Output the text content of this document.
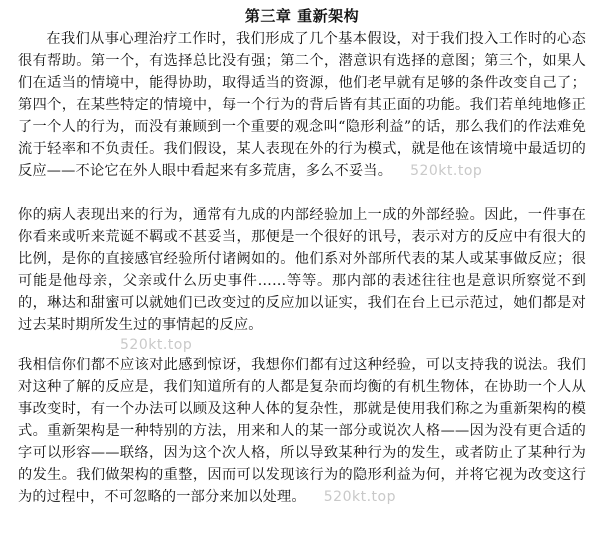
第三章 重新架构

在我们从事心理治疗工作时，我们形成了几个基本假设，对于我们投入工作时的心态很有帮助。第一个，有选择总比没有强；第二个，潜意识有选择的意图；第三个，如果人们在适当的情境中，能得协助，取得适当的资源，他们老早就有足够的条件改变自己了；第四个，在某些特定的情境中，每一个行为的背后皆有其正面的功能。我们若单纯地修正了一个人的行为，而没有兼顾到一个重要的观念叫“隐形利益”的话，那么我们的作法难免流于轻率和不负责任。我们假设，某人表现在外的行为模式，就是他在该情境中最适切的反应——不论它在外人眼中看起来有多荒唐，多么不妥当。 520kt.top

你的病人表现出来的行为，通常有九成的内部经验加上一成的外部经验。因此，一件事在你看来或听来荒诞不羁或不甚妥当，那便是一个很好的讯号，表示对方的反应中有很大的比例，是你的直接感官经验所付诸阙如的。他们系对外部所代表的某人或某事做反应；很可能是他母亲，父亲或什么历史事件……等等。那内部的表述往往也是意识所察觉不到的，琳达和甜蜜可以就她们已改变过的反应加以证实，我们在台上已示范过，她们都是对过去某时期所发生过的事情起的反应。

520kt.top

我相信你们都不应该对此感到惊讶，我想你们都有过这种经验，可以支持我的说法。我们对这种了解的反应是，我们知道所有的人都是复杂而均衡的有机生物体，在协助一个人从事改变时，有一个办法可以顾及这种人体的复杂性，那就是使用我们称之为重新架构的模式。重新架构是一种特别的方法，用来和人的某一部分或说次人格——因为没有更合适的字可以形容——联络，因为这个次人格，所以导致某种行为的发生，或者防止了某种行为的发生。我们做架构的重整，因而可以发现该行为的隐形利益为何，并将它视为改变这行为的过程中，不可忽略的一部分来加以处理。 520kt.top
